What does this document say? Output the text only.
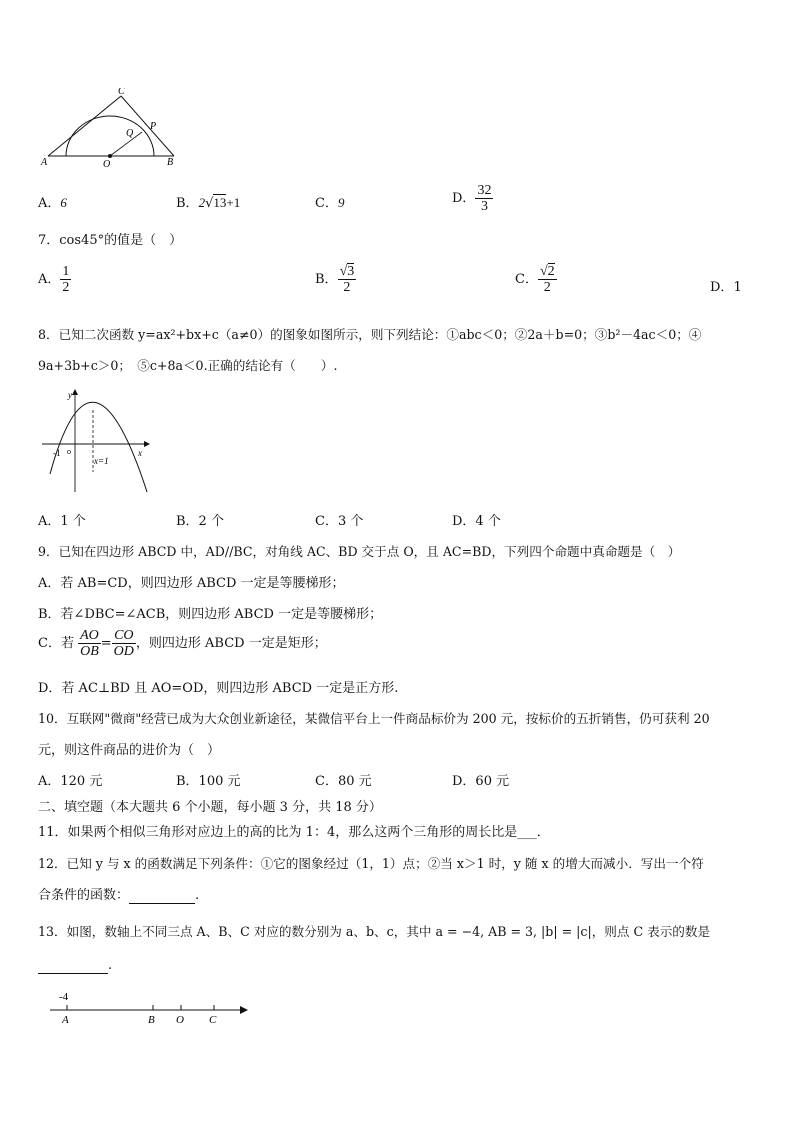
C
P
Q
A	O	B
A．6	B．2√13+1	C．9	D． $\frac{32}{3}$
7．cos45°的值是（　）
A． $\frac{1}{2}$	B． $\frac{√3}{2}$	C． $\frac{√2}{2}$	D．1
8．已知二次函数 y=ax²+bx+c（a≠0）的图象如图所示，则下列结论：①abc＜0；②2a＋b=0；③b²－4ac＜0；④
9a+3b+c＞0；　⑤c+8a＜0.正确的结论有（　　）.
y
x
-1 o
x=1
A．1 个	B．2 个	C．3 个	D．4 个
9．已知在四边形 ABCD 中，AD//BC，对角线 AC、BD 交于点 O，且 AC=BD，下列四个命题中真命题是（　）
A．若 AB=CD，则四边形 ABCD 一定是等腰梯形；
B．若∠DBC=∠ACB，则四边形 ABCD 一定是等腰梯形；
C．若 $\frac{AO}{OB} = \frac{CO}{OD}$ ，则四边形 ABCD 一定是矩形；
D．若 AC⊥BD 且 AO=OD，则四边形 ABCD 一定是正方形.
10．互联网"微商"经营已成为大众创业新途径，某微信平台上一件商品标价为 200 元，按标价的五折销售，仍可获利 20
元，则这件商品的进价为（　）
A．120 元	B．100 元	C．80 元	D．60 元
二、填空题（本大题共 6 个小题，每小题 3 分，共 18 分）
11．如果两个相似三角形对应边上的高的比为 1：4，那么这两个三角形的周长比是___．
12．已知 y 与 x 的函数满足下列条件：①它的图象经过（1，1）点；②当 x＞1 时，y 随 x 的增大而减小．写出一个符
合条件的函数：	.
13．如图，数轴上不同三点 A、B、C 对应的数分别为 a、b、c，其中 a = −4, AB = 3, |b| = |c|，则点 C 表示的数是
.
-4
A	B O C
